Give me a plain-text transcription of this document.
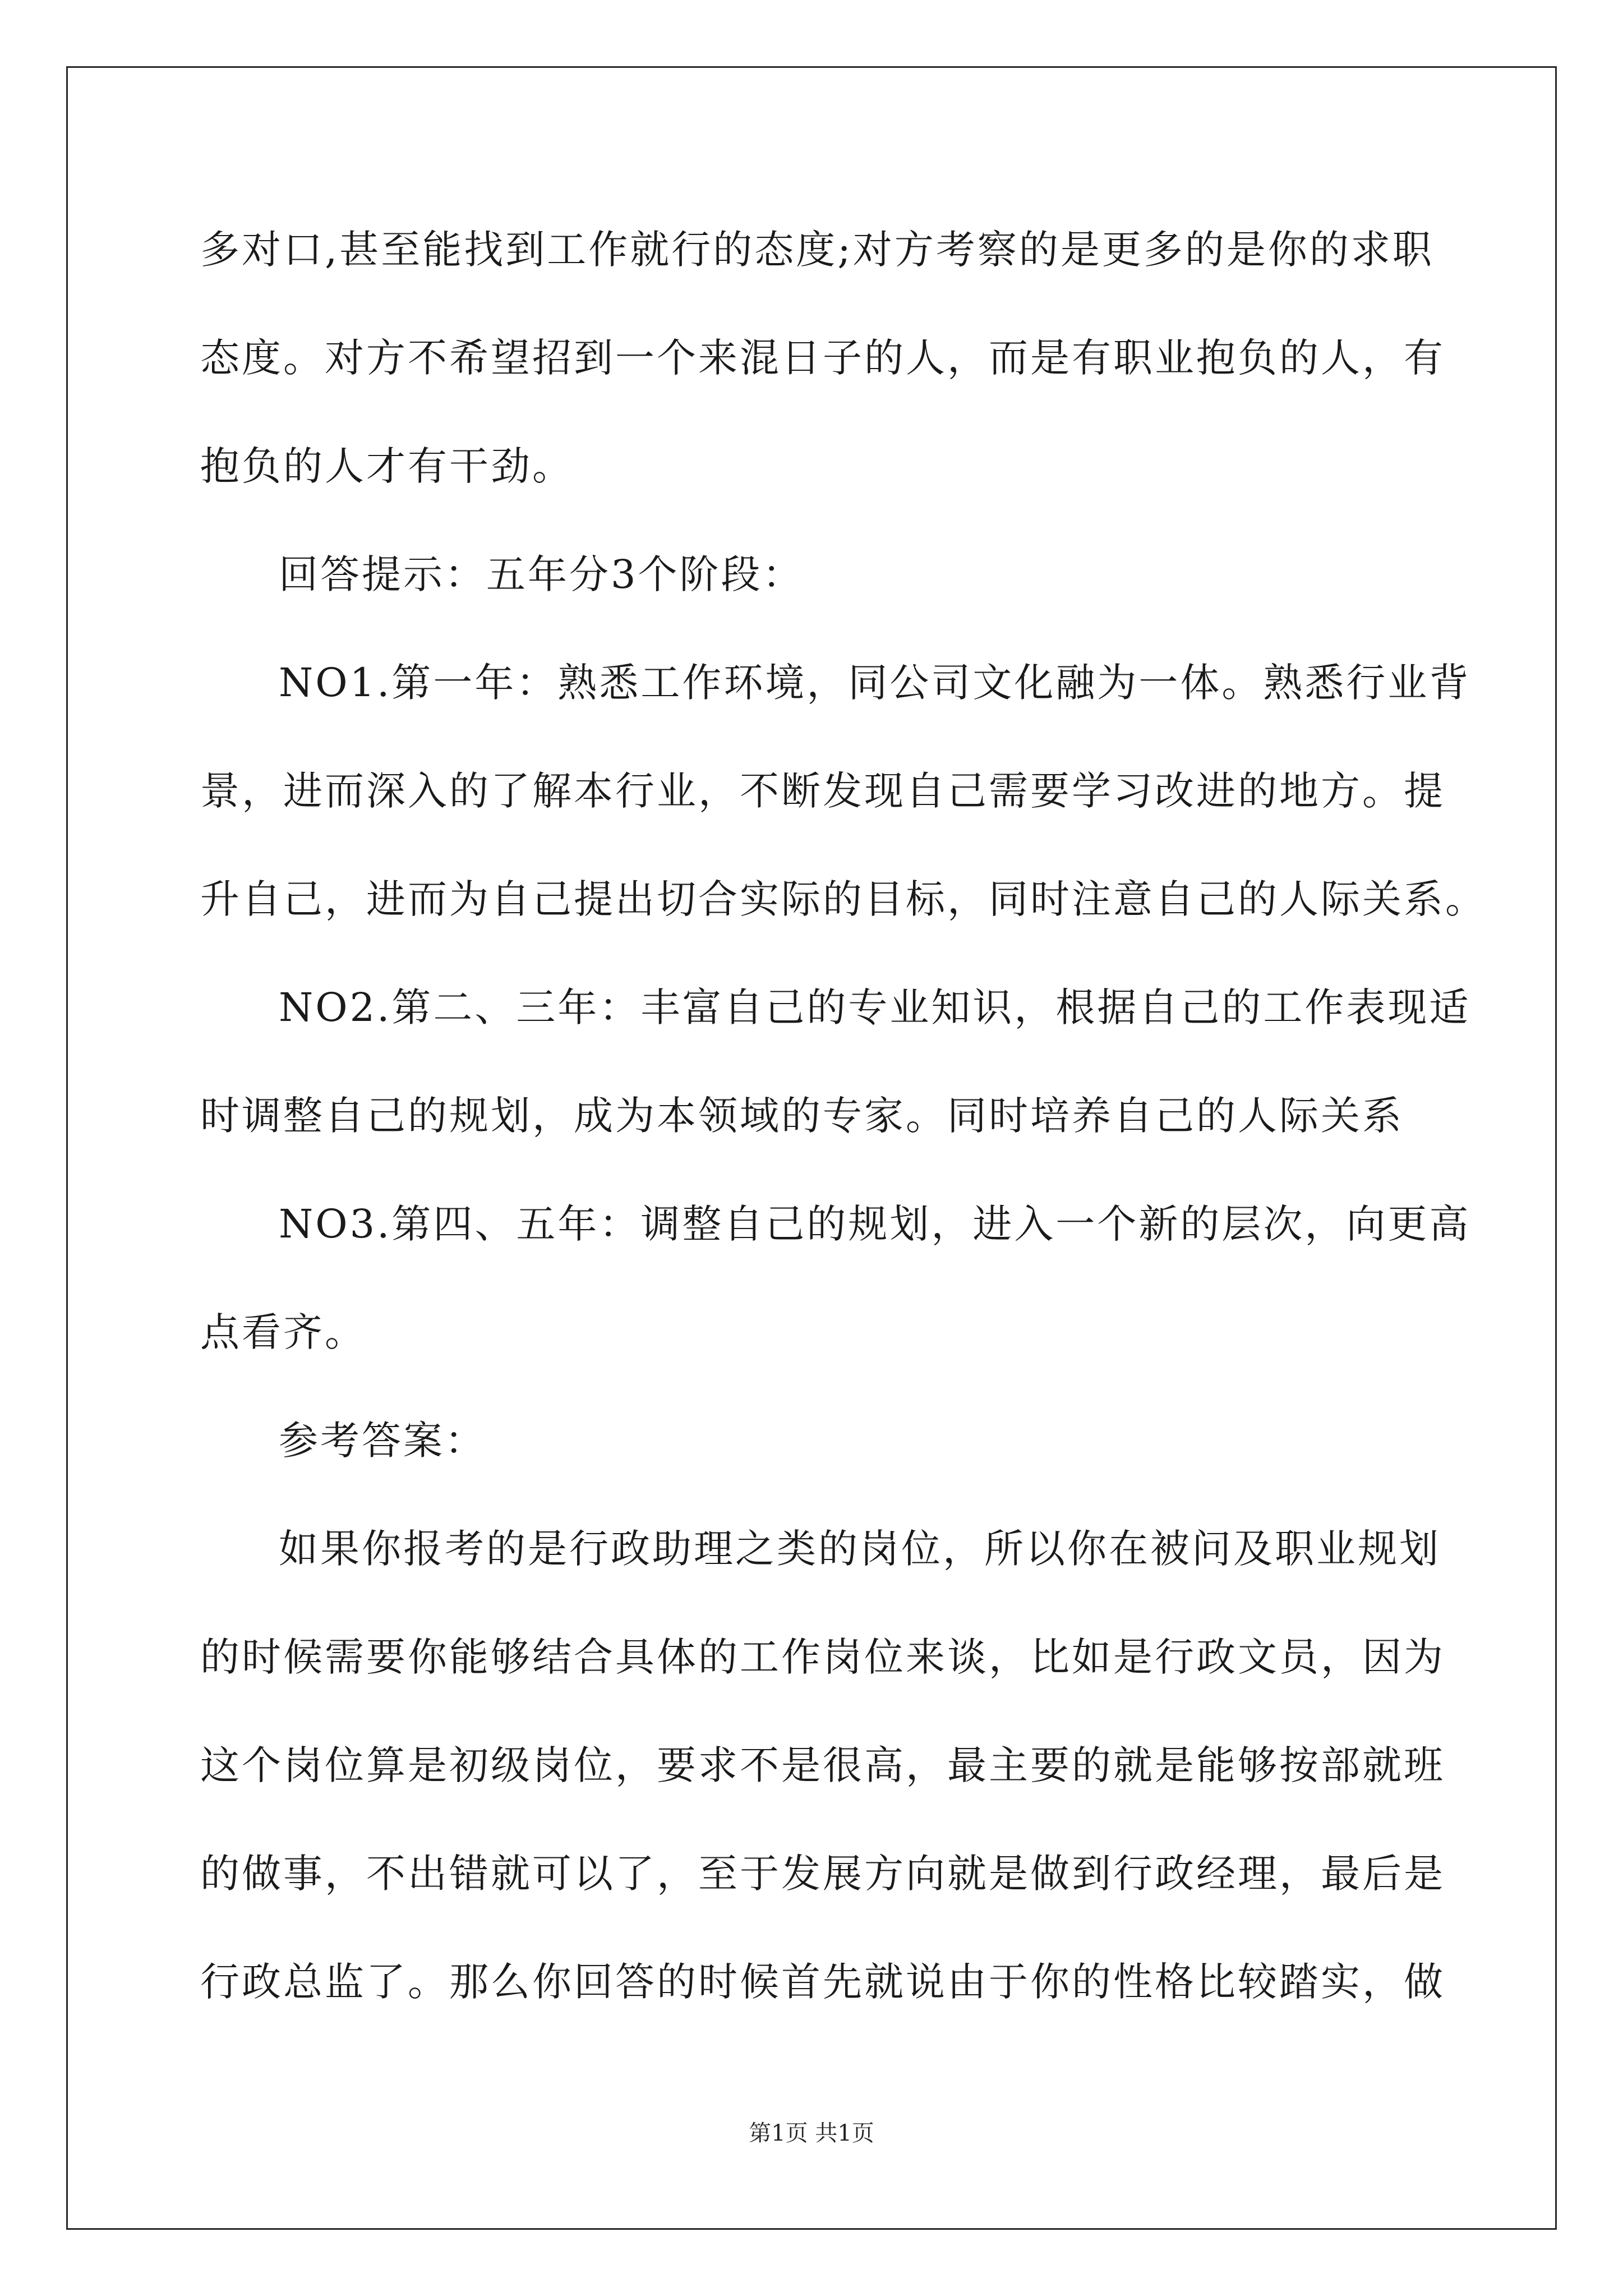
多对口,甚至能找到工作就行的态度;对方考察的是更多的是你的求职
态度。对方不希望招到一个来混日子的人，而是有职业抱负的人，有
抱负的人才有干劲。
回答提示：五年分3个阶段：
NO1.第一年：熟悉工作环境，同公司文化融为一体。熟悉行业背
景，进而深入的了解本行业，不断发现自己需要学习改进的地方。提
升自己，进而为自己提出切合实际的目标，同时注意自己的人际关系。
NO2.第二、三年：丰富自己的专业知识，根据自己的工作表现适
时调整自己的规划，成为本领域的专家。同时培养自己的人际关系
NO3.第四、五年：调整自己的规划，进入一个新的层次，向更高
点看齐。
参考答案：
如果你报考的是行政助理之类的岗位，所以你在被问及职业规划
的时候需要你能够结合具体的工作岗位来谈，比如是行政文员，因为
这个岗位算是初级岗位，要求不是很高，最主要的就是能够按部就班
的做事，不出错就可以了，至于发展方向就是做到行政经理，最后是
行政总监了。那么你回答的时候首先就说由于你的性格比较踏实，做
第1页 共1页
